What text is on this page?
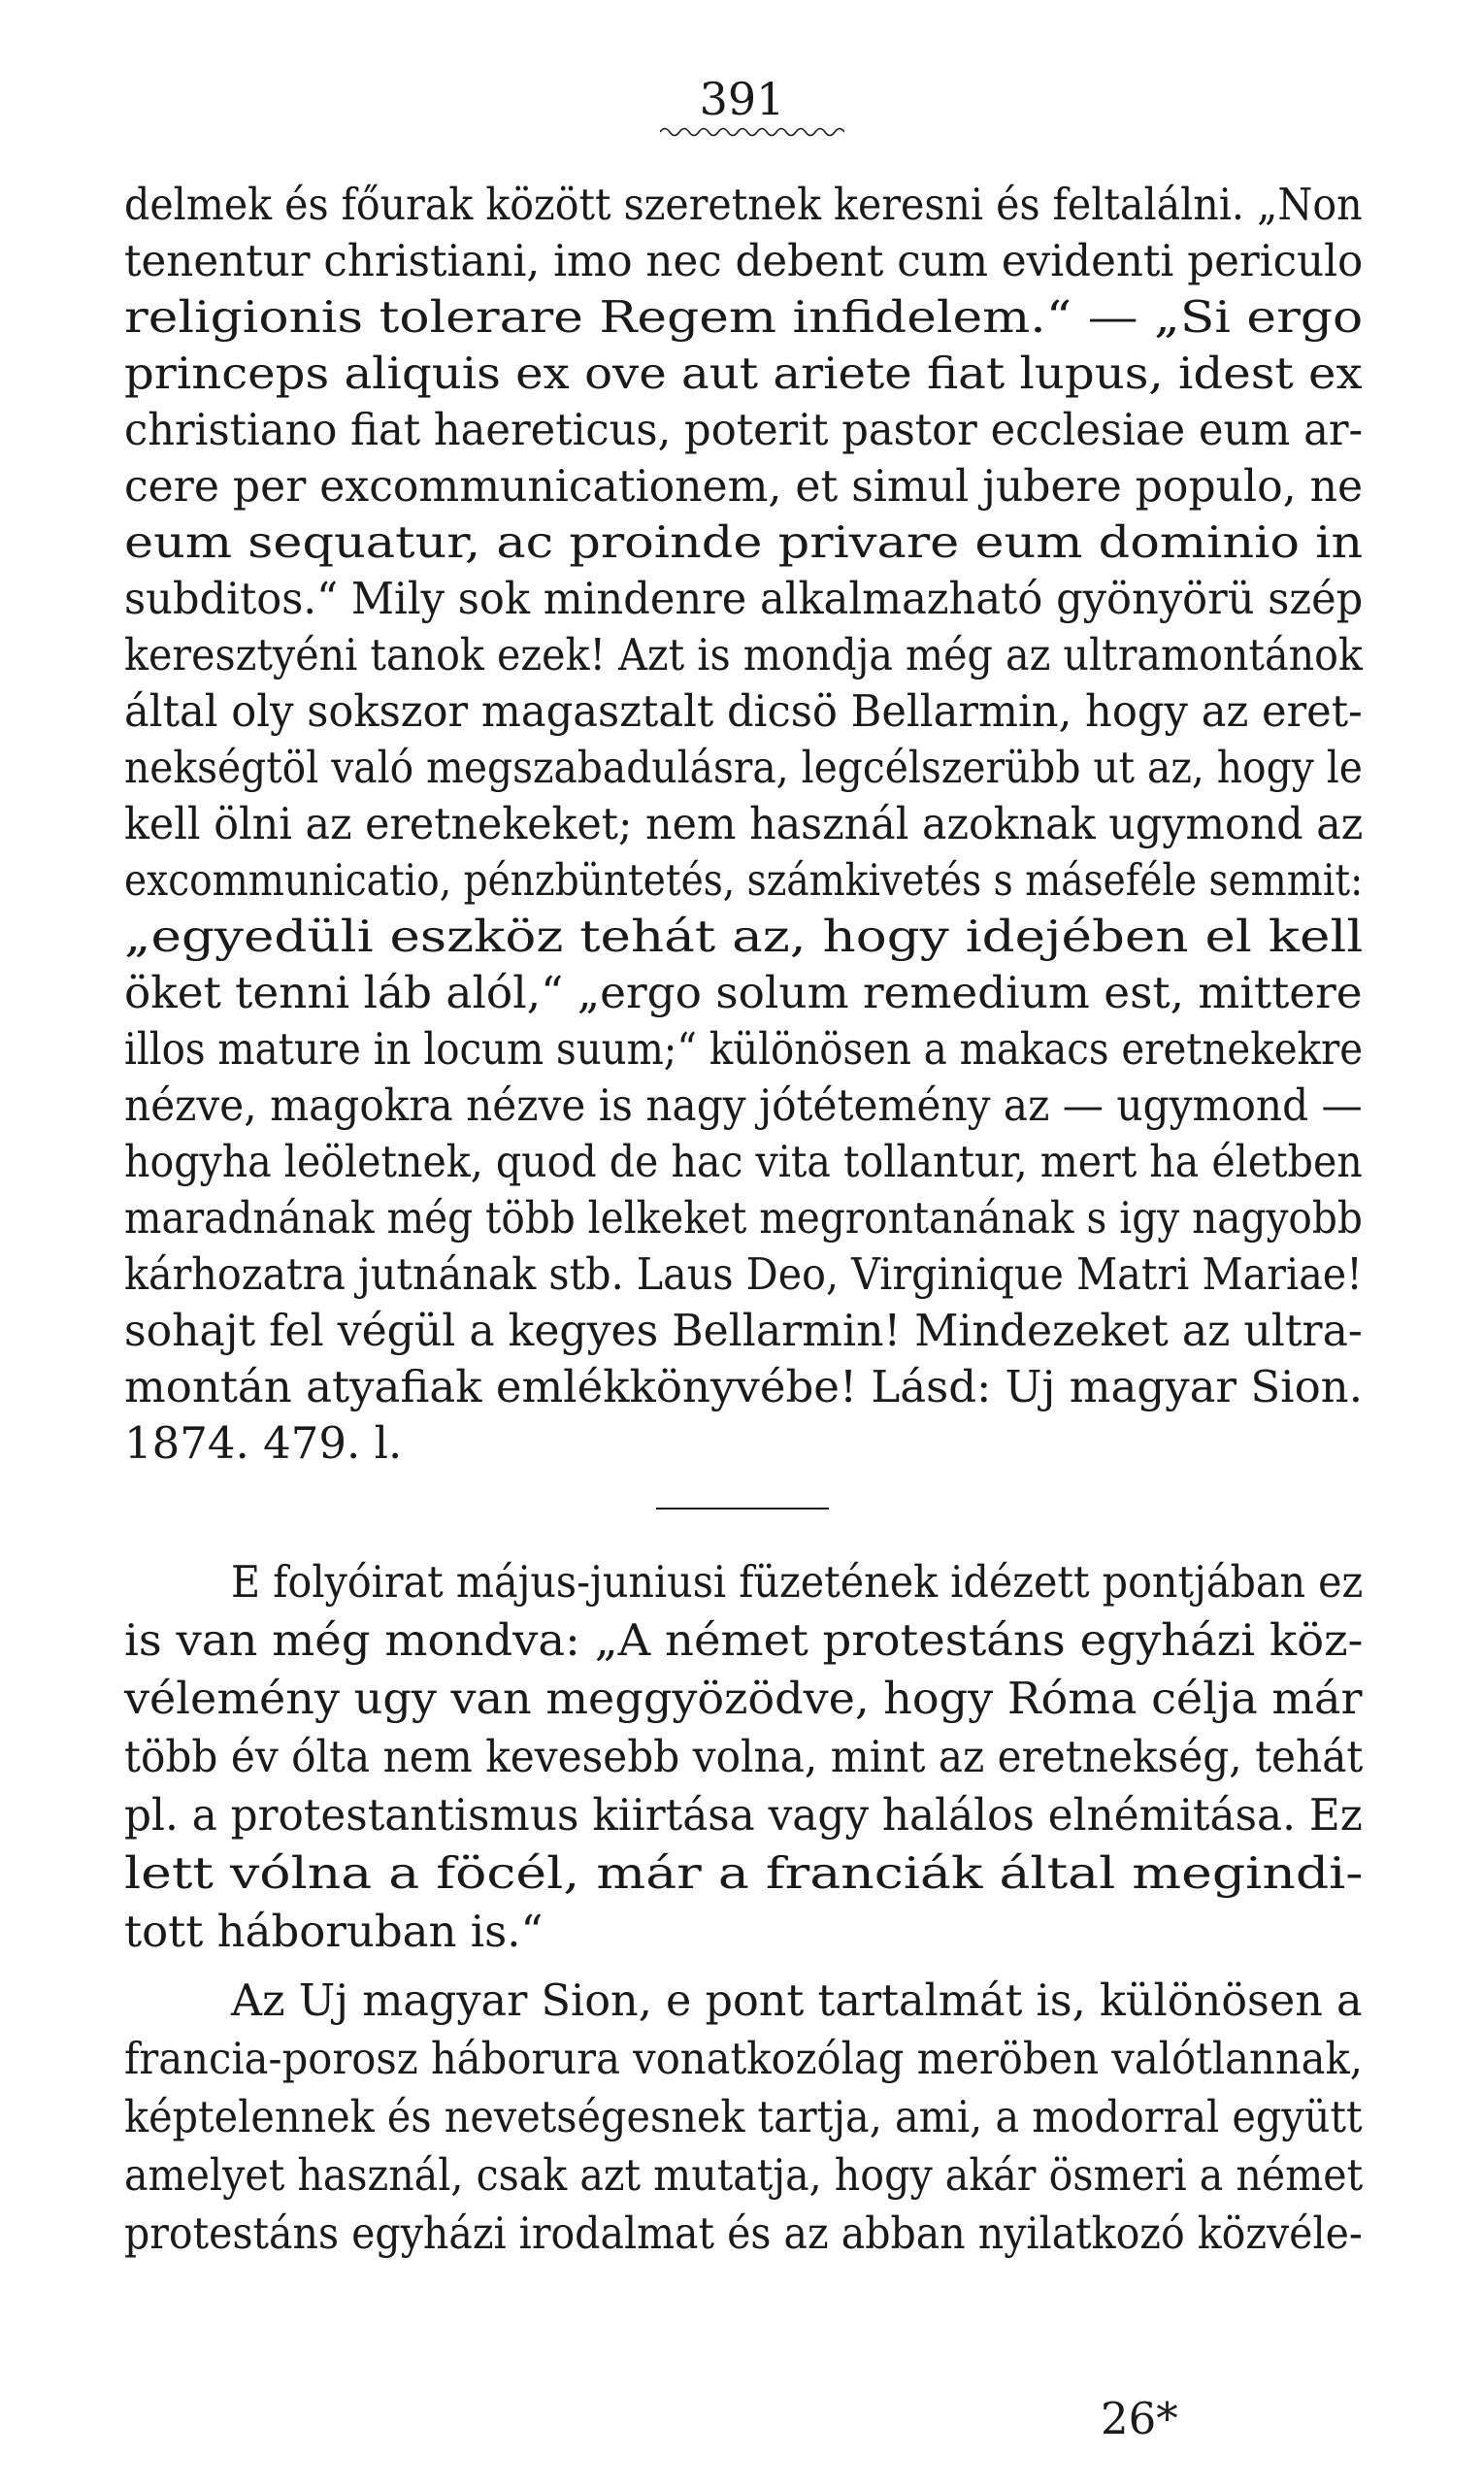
391
delmek és főurak között szeretnek keresni és feltalálni. „Non
tenentur christiani, imo nec debent cum evidenti periculo
religionis tolerare Regem infidelem.“ — „Si ergo
princeps aliquis ex ove aut ariete fiat lupus, idest ex
christiano fiat haereticus, poterit pastor ecclesiae eum ar-
cere per excommunicationem, et simul jubere populo, ne
eum sequatur, ac proinde privare eum dominio in
subditos.“ Mily sok mindenre alkalmazható gyönyörü szép
keresztyéni tanok ezek! Azt is mondja még az ultramontánok
által oly sokszor magasztalt dicsö Bellarmin, hogy az eret-
nekségtöl való megszabadulásra, legcélszerübb ut az, hogy le
kell ölni az eretnekeket; nem használ azoknak ugymond az
excommunicatio, pénzbüntetés, számkivetés s máseféle semmit:
„egyedüli eszköz tehát az, hogy idejében el kell
öket tenni láb alól,“ „ergo solum remedium est, mittere
illos mature in locum suum;“ különösen a makacs eretnekekre
nézve, magokra nézve is nagy jótétemény az — ugymond —
hogyha leöletnek, quod de hac vita tollantur, mert ha életben
maradnának még több lelkeket megrontanának s igy nagyobb
kárhozatra jutnának stb. Laus Deo, Virginique Matri Mariae!
sohajt fel végül a kegyes Bellarmin! Mindezeket az ultra-
montán atyafiak emlékkönyvébe! Lásd: Uj magyar Sion.
1874. 479. l.
E folyóirat május-juniusi füzetének idézett pontjában ez
is van még mondva: „A német protestáns egyházi köz-
vélemény ugy van meggyözödve, hogy Róma célja már
több év ólta nem kevesebb volna, mint az eretnekség, tehát
pl. a protestantismus kiirtása vagy halálos elnémitása. Ez
lett vólna a föcél, már a franciák által megindi-
tott háboruban is.“
Az Uj magyar Sion, e pont tartalmát is, különösen a
francia-porosz háborura vonatkozólag meröben valótlannak,
képtelennek és nevetségesnek tartja, ami, a modorral együtt
amelyet használ, csak azt mutatja, hogy akár ösmeri a német
protestáns egyházi irodalmat és az abban nyilatkozó közvéle-
26*
